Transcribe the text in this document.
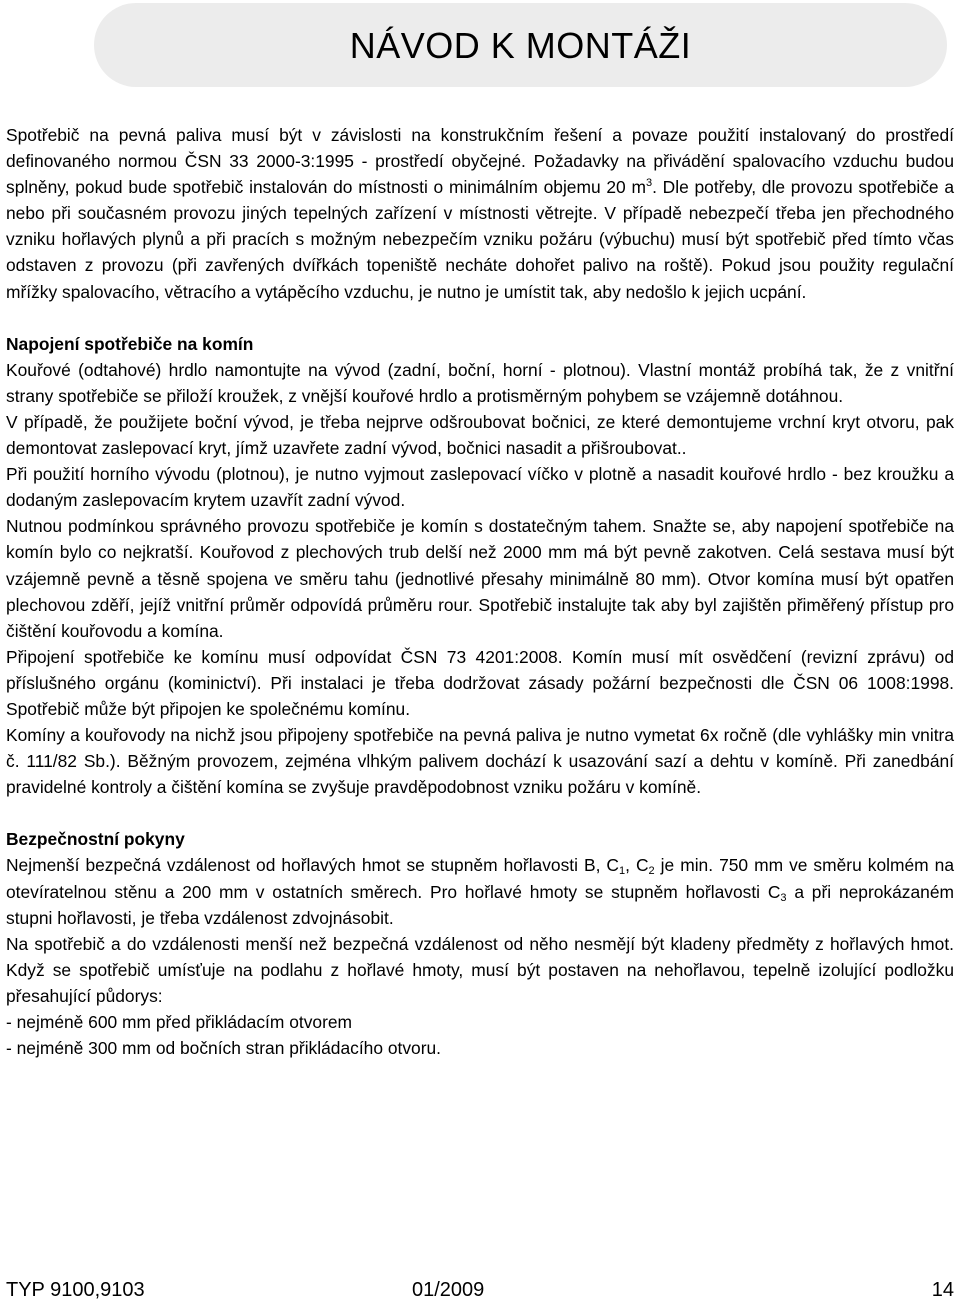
NÁVOD K MONTÁŽI

Spotřebič na pevná paliva musí být v závislosti na konstrukčním řešení a povaze použití instalovaný do prostředí definovaného normou ČSN 33 2000-3:1995 - prostředí obyčejné. Požadavky na přivádění spalovacího vzduchu budou splněny, pokud bude spotřebič instalován do místnosti o minimálním objemu 20 $m^3$. Dle potřeby, dle provozu spotřebiče a nebo při současném provozu jiných tepelných zařízení v místnosti větrejte. V případě nebezpečí třeba jen přechodného vzniku hořlavých plynů a při pracích s možným nebezpečím vzniku požáru (výbuchu) musí být spotřebič před tímto včas odstaven z provozu (při zavřených dvířkách topeniště necháte dohořet palivo na roště). Pokud jsou použity regulační mřížky spalovacího, větracího a vytápěcího vzduchu, je nutno je umístit tak, aby nedošlo k jejich ucpání.

Napojení spotřebiče na komín

Kouřové (odtahové) hrdlo namontujte na vývod (zadní, boční, horní - plotnou). Vlastní montáž probíhá tak, že z vnitřní strany spotřebiče se přiloží kroužek, z vnější kouřové hrdlo a protisměrným pohybem se vzájemně dotáhnou.

V případě, že použijete boční vývod, je třeba nejprve odšroubovat bočnici, ze které demontujeme vrchní kryt otvoru, pak demontovat zaslepovací kryt, jímž uzavřete zadní vývod, bočnici nasadit a přišroubovat..

Při použití horního vývodu (plotnou), je nutno vyjmout zaslepovací víčko v plotně a nasadit kouřové hrdlo - bez kroužku a dodaným zaslepovacím krytem uzavřít zadní vývod.

Nutnou podmínkou správného provozu spotřebiče je komín s dostatečným tahem. Snažte se, aby napojení spotřebiče na komín bylo co nejkratší. Kouřovod z plechových trub delší než 2000 mm má být pevně zakotven. Celá sestava musí být vzájemně pevně a těsně spojena ve směru tahu (jednotlivé přesahy minimálně 80 mm). Otvor komína musí být opatřen plechovou zděří, jejíž vnitřní průměr odpovídá průměru rour. Spotřebič instalujte tak aby byl zajištěn přiměřený přístup pro čištění kouřovodu a komína.

Připojení spotřebiče ke komínu musí odpovídat ČSN 73 4201:2008. Komín musí mít osvědčení (revizní zprávu) od příslušného orgánu (kominictví). Při instalaci je třeba dodržovat zásady požární bezpečnosti dle ČSN 06 1008:1998. Spotřebič může být připojen ke společnému komínu.

Komíny a kouřovody na nichž jsou připojeny spotřebiče na pevná paliva je nutno vymetat 6x ročně (dle vyhlášky min vnitra č. 111/82 Sb.). Běžným provozem, zejména vlhkým palivem dochází k usazování sazí a dehtu v komíně. Při zanedbání pravidelné kontroly a čištění komína se zvyšuje pravděpodobnost vzniku požáru v komíně.

Bezpečnostní pokyny

Nejmenší bezpečná vzdálenost od hořlavých hmot se stupněm hořlavosti B, $C_1$, $C_2$ je min. 750 mm ve směru kolmém na otevíratelnou stěnu a 200 mm v ostatních směrech. Pro hořlavé hmoty se stupněm hořlavosti $C_3$ a při neprokázaném stupni hořlavosti, je třeba vzdálenost zdvojnásobit.

Na spotřebič a do vzdálenosti menší než bezpečná vzdálenost od něho nesmějí být kladeny předměty z hořlavých hmot. Když se spotřebič umísťuje na podlahu z hořlavé hmoty, musí být postaven na nehořlavou, tepelně izolující podložku přesahující půdorys:

- nejméně 600 mm před přikládacím otvorem

- nejméně 300 mm od bočních stran přikládacího otvoru.

TYP 9100,9103	01/2009	14
